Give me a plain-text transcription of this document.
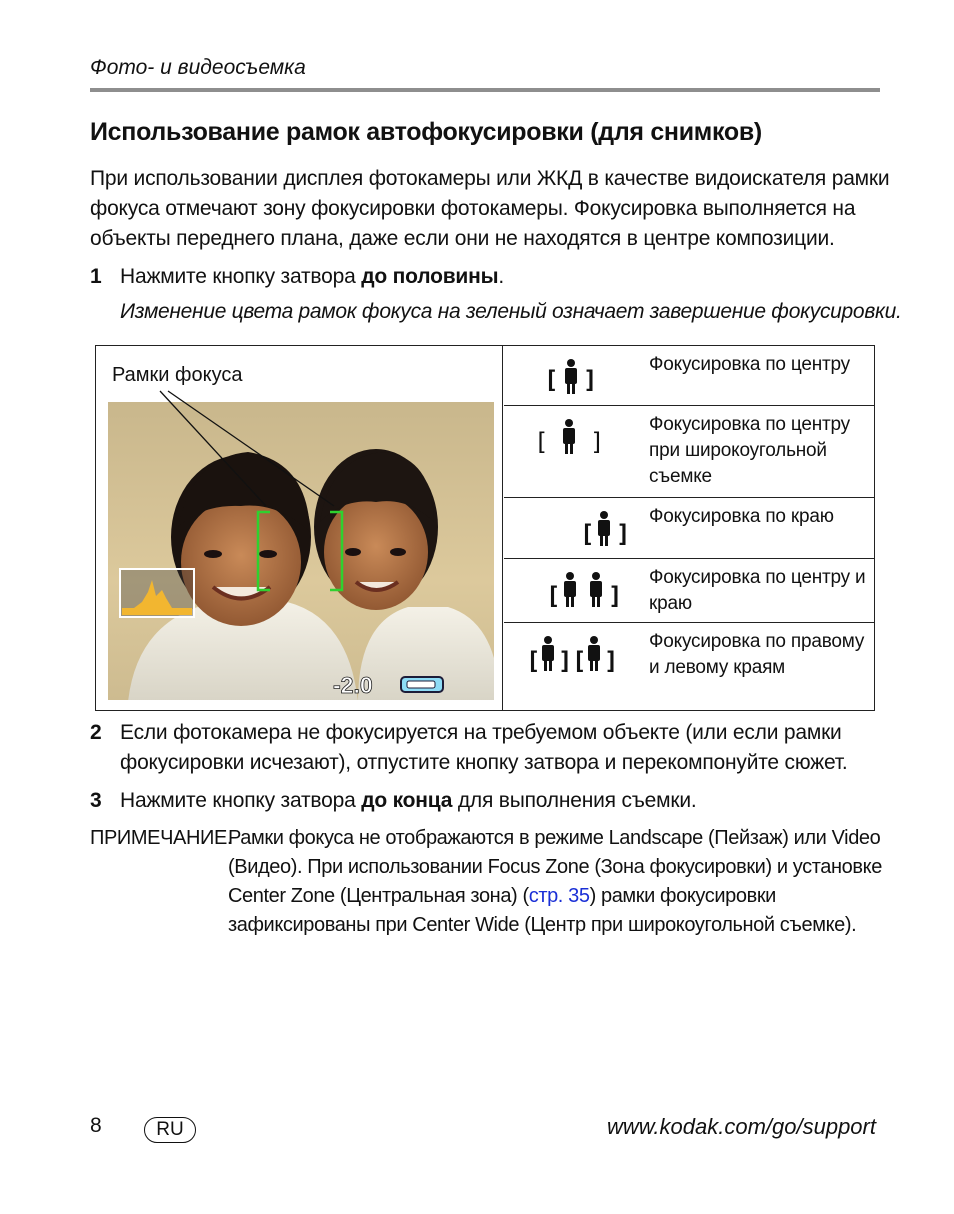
Фото- и видеосъемка
Использование рамок автофокусировки (для снимков)
При использовании дисплея фотокамеры или ЖКД в качестве видоискателя рамки фокуса отмечают зону фокусировки фотокамеры. Фокусировка выполняется на объекты переднего плана, даже если они не находятся в центре композиции.
1 Нажмите кнопку затвора до половины.
Изменение цвета рамок фокуса на зеленый означает завершение фокусировки.
Рамки фокуса
-2.0
[ ]
Фокусировка по центру
[ ]
Фокусировка по центру при широкоугольной съемке
[ ]
Фокусировка по краю
[ ]
Фокусировка по центру и краю
[ ] [ ]
Фокусировка по правому и левому краям
2 Если фотокамера не фокусируется на требуемом объекте (или если рамки фокусировки исчезают), отпустите кнопку затвора и перекомпонуйте сюжет.
3 Нажмите кнопку затвора до конца для выполнения съемки.
ПРИМЕЧАНИЕ.
Рамки фокуса не отображаются в режиме Landscape (Пейзаж) или Video (Видео). При использовании Focus Zone (Зона фокусировки) и установке Center Zone (Центральная зона) (стр. 35) рамки фокусировки зафиксированы при Center Wide (Центр при широкоугольной съемке).
8	RU	www.kodak.com/go/support
